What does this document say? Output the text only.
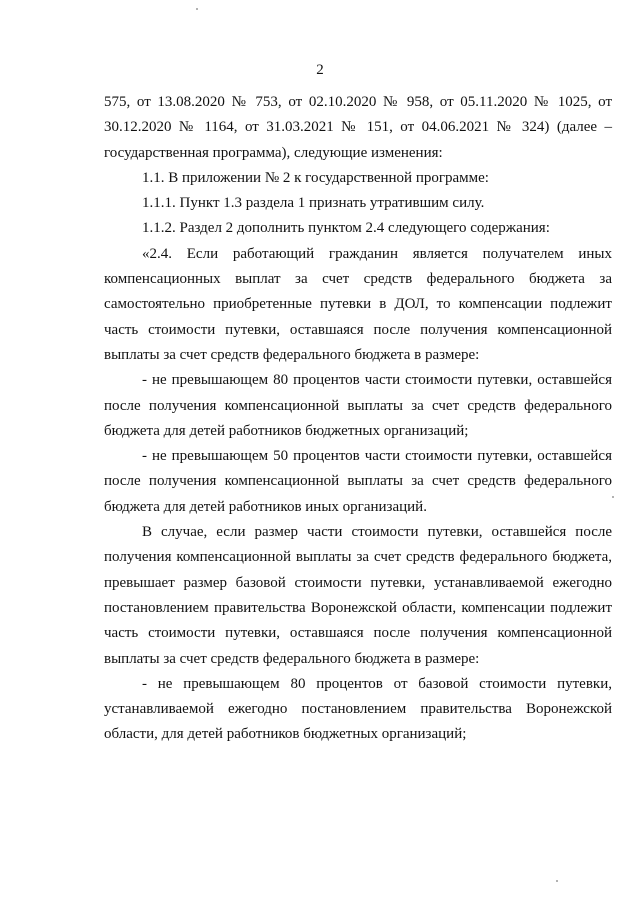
2
575, от 13.08.2020 № 753, от 02.10.2020 № 958, от 05.11.2020 № 1025, от
30.12.2020 № 1164, от 31.03.2021 № 151, от 04.06.2021 № 324) (далее –
государственная программа), следующие изменения:
1.1. В приложении № 2 к государственной программе:
1.1.1. Пункт 1.3 раздела 1 признать утратившим силу.
1.1.2. Раздел 2 дополнить пунктом 2.4 следующего содержания:
«2.4. Если работающий гражданин является получателем иных
компенсационных выплат за счет средств федерального бюджета за
самостоятельно приобретенные путевки в ДОЛ, то компенсации подлежит
часть стоимости путевки, оставшаяся после получения компенсационной
выплаты за счет средств федерального бюджета в размере:
- не превышающем 80 процентов части стоимости путевки, оставшейся
после получения компенсационной выплаты за счет средств федерального
бюджета для детей работников бюджетных организаций;
- не превышающем 50 процентов части стоимости путевки, оставшейся
после получения компенсационной выплаты за счет средств федерального
бюджета для детей работников иных организаций.
В случае, если размер части стоимости путевки, оставшейся после
получения компенсационной выплаты за счет средств федерального бюджета,
превышает размер базовой стоимости путевки, устанавливаемой ежегодно
постановлением правительства Воронежской области, компенсации подлежит
часть стоимости путевки, оставшаяся после получения компенсационной
выплаты за счет средств федерального бюджета в размере:
- не превышающем 80 процентов от базовой стоимости путевки,
устанавливаемой ежегодно постановлением правительства Воронежской
области, для детей работников бюджетных организаций;
